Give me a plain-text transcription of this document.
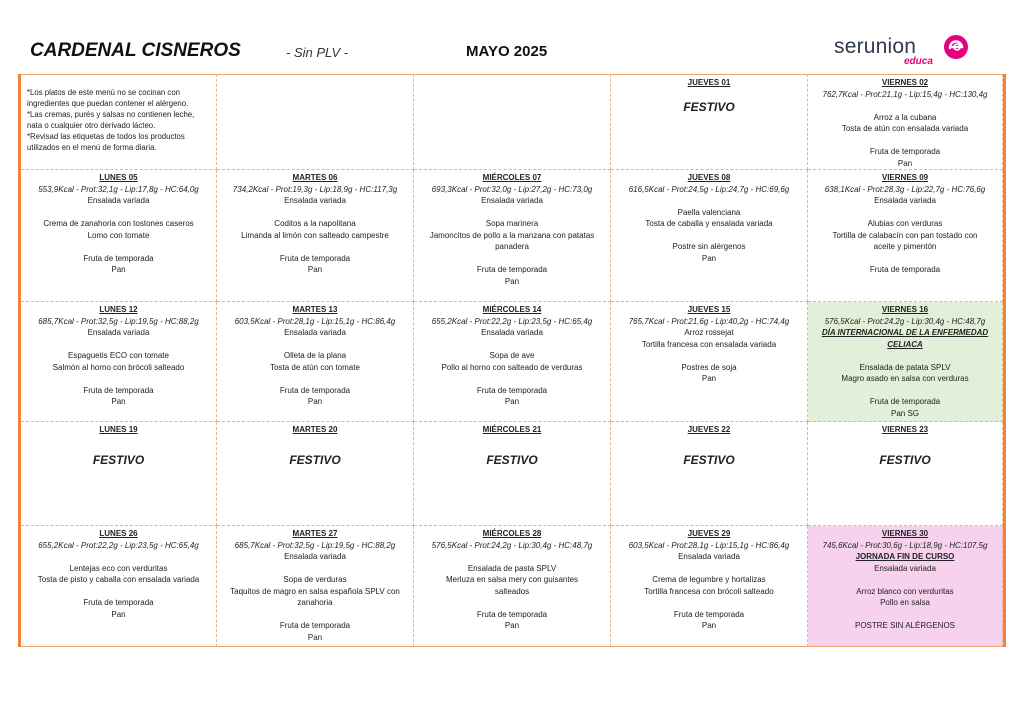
CARDENAL CISNEROS	- Sin PLV -	MAYO 2025	serunion
educa
*Los platos de este menú no se cocinan con ingredientes que puedan contener el alérgeno.
*Las cremas, purés y salsas no contienen leche, nata o cualquier otro derivado lácteo.
*Revisad las etiquetas de todos los productos utilizados en el menú de forma diaria.
JUEVES 01
FESTIVO
VIERNES 02
762,7Kcal - Prot:21,1g - Lip:15,4g - HC:130,4g
Arroz a la cubana
Tosta de atún con ensalada variada
Fruta de temporada
Pan
LUNES 05
553,9Kcal - Prot:32,1g - Lip:17,8g - HC:64,0g
Ensalada variada
Crema de zanahoria con tostones caseros
Lomo con tomate
Fruta de temporada
Pan
MARTES 06
734,2Kcal - Prot:19,3g - Lip:18,9g - HC:117,3g
Ensalada variada
Coditos a la napolitana
Limanda al limón con salteado campestre
Fruta de temporada
Pan
MIÉRCOLES 07
693,3Kcal - Prot:32,0g - Lip:27,2g - HC:73,0g
Ensalada variada
Sopa marinera
Jamoncitos de pollo a la manzana con patatas
panadera
Fruta de temporada
Pan
JUEVES 08
616,5Kcal - Prot:24,5g - Lip:24,7g - HC:69,6g
Paella valenciana
Tosta de caballa y ensalada variada
Postre sin alérgenos
Pan
VIERNES 09
638,1Kcal - Prot:28,3g - Lip:22,7g - HC:76,6g
Ensalada variada
Alubias con verduras
Tortilla de calabacín con pan tostado con
aceite y pimentón
Fruta de temporada
LUNES 12
685,7Kcal - Prot:32,5g - Lip:19,5g - HC:88,2g
Ensalada variada
Espaguetis ECO con tomate
Salmón al horno con brócoli salteado
Fruta de temporada
Pan
MARTES 13
603,5Kcal - Prot:28,1g - Lip:15,1g - HC:86,4g
Ensalada variada
Olleta de la plana
Tosta de atún con tomate
Fruta de temporada
Pan
MIÉRCOLES 14
655,2Kcal - Prot:22,2g - Lip:23,5g - HC:65,4g
Ensalada variada
Sopa de ave
Pollo al horno con salteado de verduras
Fruta de temporada
Pan
JUEVES 15
765,7Kcal - Prot:21,6g - Lip:40,2g - HC:74,4g
Arroz rossejat
Tortilla francesa con ensalada variada
Postres de soja
Pan
VIERNES 16
576,5Kcal - Prot:24,2g - Lip:30,4g - HC:48,7g
DÍA INTERNACIONAL DE LA ENFERMEDAD CELIACA
Ensalada de patata SPLV
Magro asado en salsa con verduras
Fruta de temporada
Pan SG
LUNES 19
FESTIVO
MARTES 20
FESTIVO
MIÉRCOLES 21
FESTIVO
JUEVES 22
FESTIVO
VIERNES 23
FESTIVO
LUNES 26
655,2Kcal - Prot:22,2g - Lip:23,5g - HC:65,4g
Lentejas eco con verduritas
Tosta de pisto y caballa con ensalada variada
Fruta de temporada
Pan
MARTES 27
685,7Kcal - Prot:32,5g - Lip:19,5g - HC:88,2g
Ensalada variada
Sopa de verduras
Taquitos de magro en salsa española SPLV con
zanahoria
Fruta de temporada
Pan
MIÉRCOLES 28
576,5Kcal - Prot:24,2g - Lip:30,4g - HC:48,7g
Ensalada de pasta SPLV
Merluza en salsa mery con guisantes
salteados
Fruta de temporada
Pan
JUEVES 29
603,5Kcal - Prot:28,1g - Lip:15,1g - HC:86,4g
Ensalada variada
Crema de legumbre y hortalizas
Tortilla francesa con brócoli salteado
Fruta de temporada
Pan
VIERNES 30
745,6Kcal - Prot:30,6g - Lip:18,9g - HC:107,5g
JORNADA FIN DE CURSO
Ensalada variada
Arroz blanco con verduritas
Pollo en salsa
POSTRE SIN ALÉRGENOS
